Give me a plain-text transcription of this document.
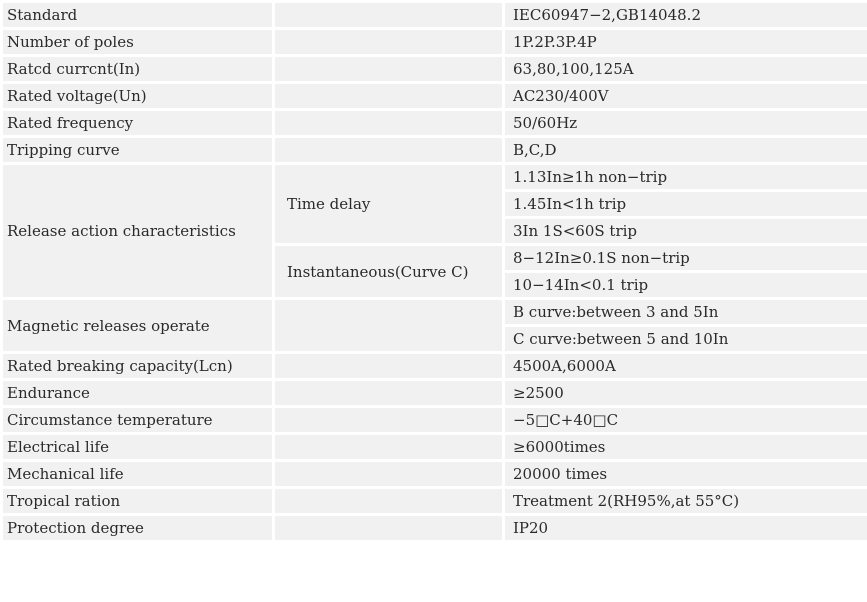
Standard		IEC60947−2,GB14048.2
Number of poles		1P.2P.3P.4P
Ratcd currcnt(In)		63,80,100,125A
Rated voltage(Un)		AC230/400V
Rated frequency		50/60Hz
Tripping curve		B,C,D
Release action characteristics	Time delay	1.13In≥1h non−trip
		1.45In<1h trip
		3In 1S<60S trip
	Instantaneous(Curve C)	8−12In≥0.1S non−trip
		10−14In<0.1 trip
Magnetic releases operate		B curve:between 3 and 5In
		C curve:between 5 and 10In
Rated breaking capacity(Lcn)		4500A,6000A
Endurance		≥2500
Circumstance temperature		−5□C+40□C
Electrical life		≥6000times
Mechanical life		20000 times
Tropical ration		Treatment 2(RH95%,at 55°C)
Protection degree		IP20
